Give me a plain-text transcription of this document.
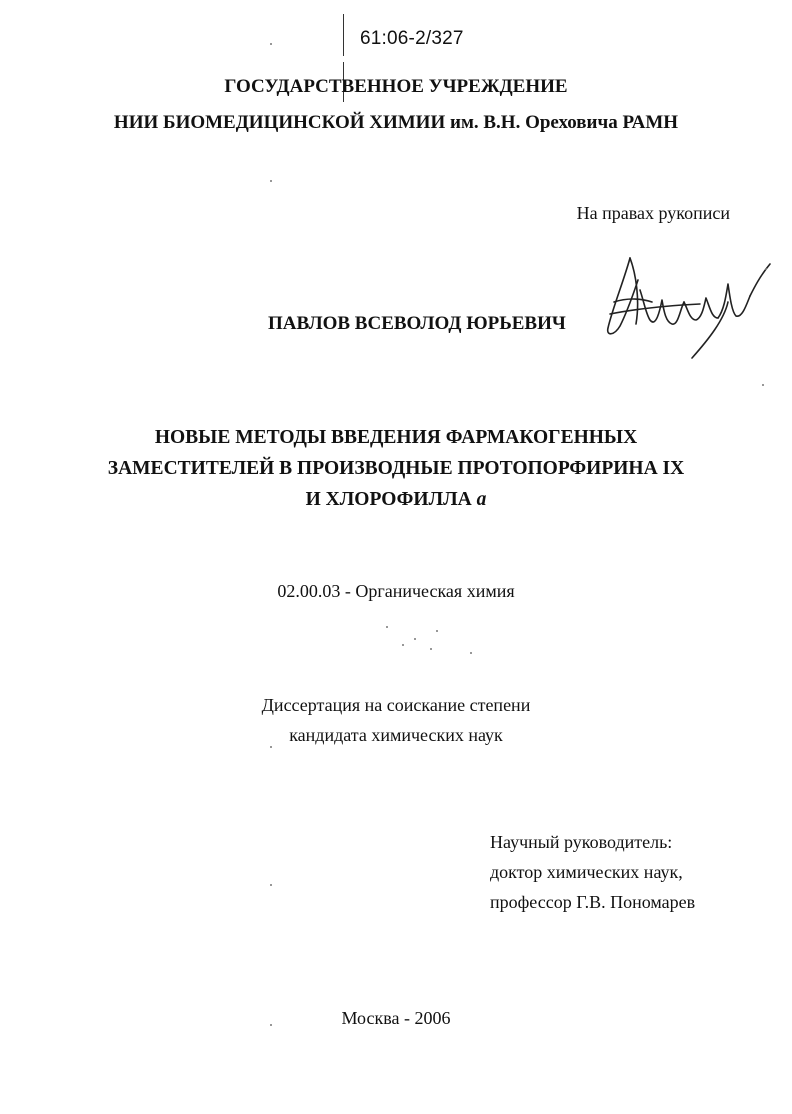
61:06-2/327
ГОСУДАРСТВЕННОЕ УЧРЕЖДЕНИЕ
НИИ БИОМЕДИЦИНСКОЙ ХИМИИ им. В.Н. Ореховича РАМН
На правах рукописи
ПАВЛОВ ВСЕВОЛОД ЮРЬЕВИЧ
НОВЫЕ МЕТОДЫ ВВЕДЕНИЯ ФАРМАКОГЕННЫХ
ЗАМЕСТИТЕЛЕЙ В ПРОИЗВОДНЫЕ ПРОТОПОРФИРИНА IX
И ХЛОРОФИЛЛА a
02.00.03 - Органическая химия
Диссертация на соискание степени
кандидата химических наук
Научный руководитель:
доктор химических наук,
профессор Г.В. Пономарев
Москва - 2006
